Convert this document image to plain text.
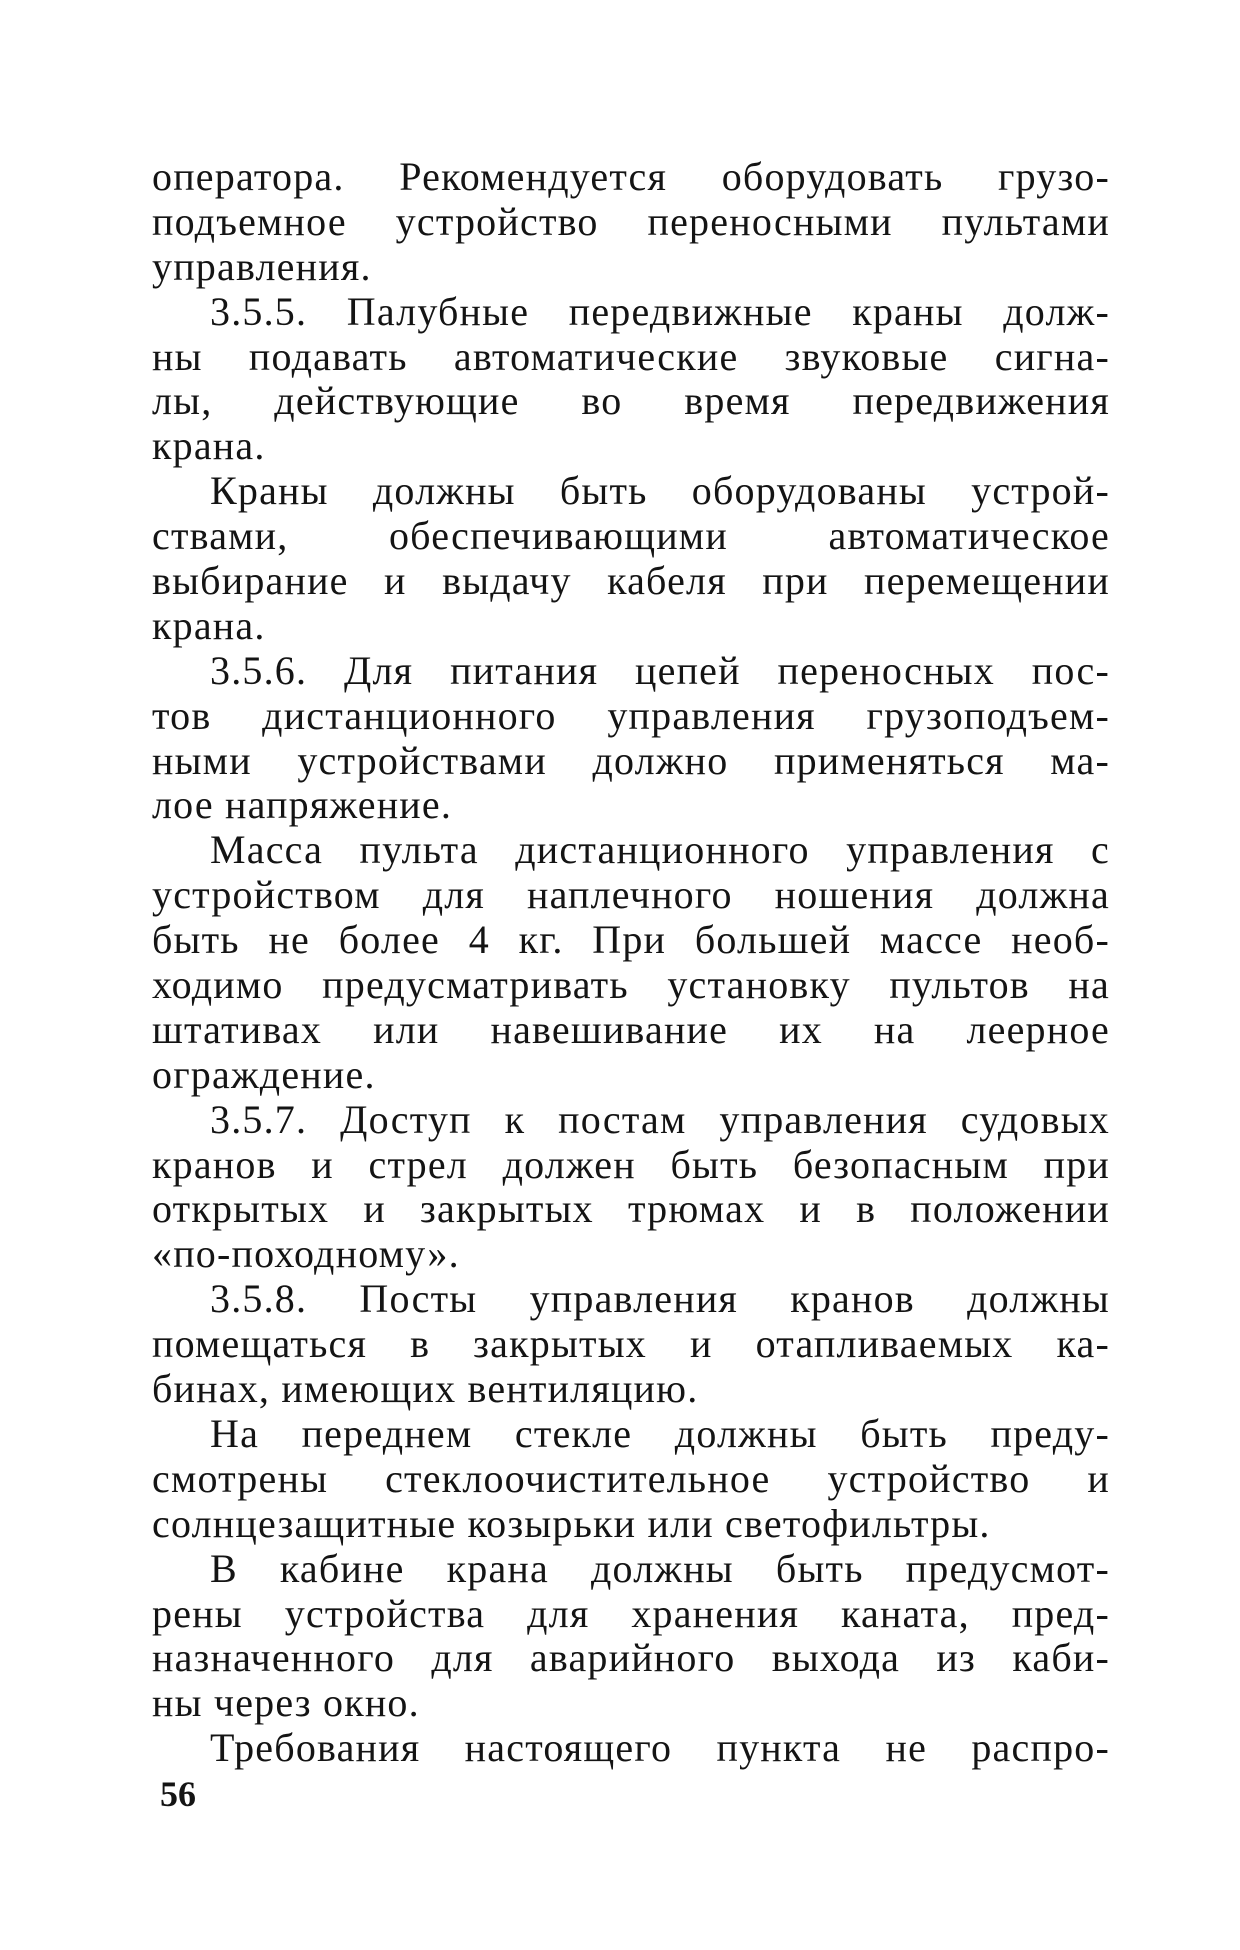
оператора. Рекомендуется оборудовать грузо-
подъемное устройство переносными пультами
управления.
3.5.5. Палубные передвижные краны долж-
ны подавать автоматические звуковые сигна-
лы, действующие во время передвижения
крана.
Краны должны быть оборудованы устрой-
ствами, обеспечивающими автоматическое
выбирание и выдачу кабеля при перемещении
крана.
3.5.6. Для питания цепей переносных пос-
тов дистанционного управления грузоподъем-
ными устройствами должно применяться ма-
лое напряжение.
Масса пульта дистанционного управления с
устройством для наплечного ношения должна
быть не более 4 кг. При большей массе необ-
ходимо предусматривать установку пультов на
штативах или навешивание их на леерное
ограждение.
3.5.7. Доступ к постам управления судовых
кранов и стрел должен быть безопасным при
открытых и закрытых трюмах и в положении
«по-походному».
3.5.8. Посты управления кранов должны
помещаться в закрытых и отапливаемых ка-
бинах, имеющих вентиляцию.
На переднем стекле должны быть преду-
смотрены стеклоочистительное устройство и
солнцезащитные козырьки или светофильтры.
В кабине крана должны быть предусмот-
рены устройства для хранения каната, пред-
назначенного для аварийного выхода из каби-
ны через окно.
Требования настоящего пункта не распро-
56
